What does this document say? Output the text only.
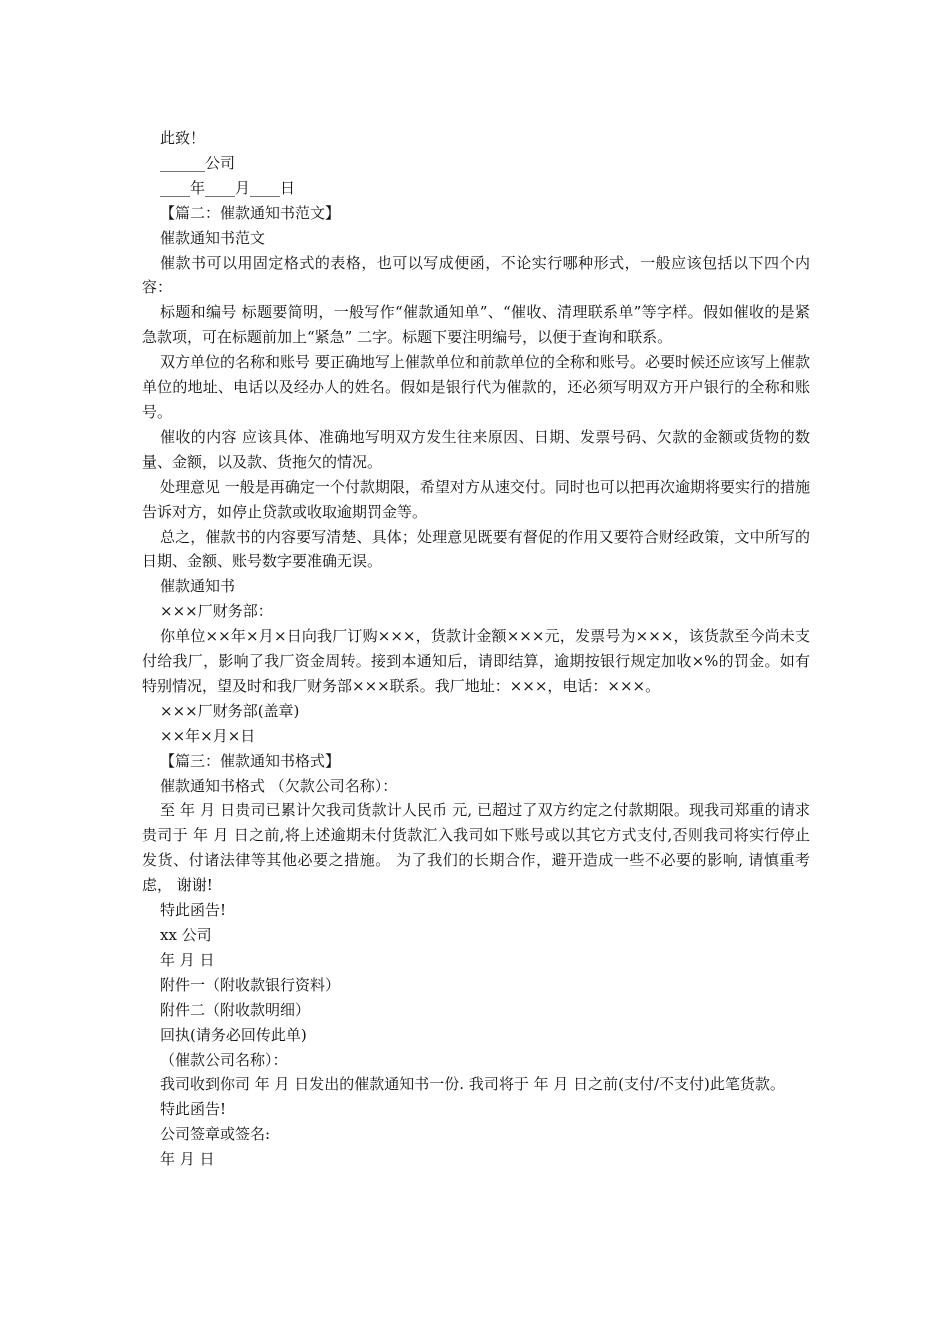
此致！

______公司

____年____月____日

【篇二：催款通知书范文】

催款通知书范文

催款书可以用固定格式的表格，也可以写成便函，不论实行哪种形式，一般应该包括以下四个内容：

标题和编号 标题要简明，一般写作“催款通知单”、“催收、清理联系单”等字样。假如催收的是紧急款项，可在标题前加上“紧急” 二字。标题下要注明编号，以便于查询和联系。

双方单位的名称和账号 要正确地写上催款单位和前款单位的全称和账号。必要时候还应该写上催款单位的地址、电话以及经办人的姓名。假如是银行代为催款的，还必须写明双方开户银行的全称和账号。

催收的内容 应该具体、准确地写明双方发生往来原因、日期、发票号码、欠款的金额或货物的数量、金额，以及款、货拖欠的情况。

处理意见 一般是再确定一个付款期限，希望对方从速交付。同时也可以把再次逾期将要实行的措施告诉对方，如停止贷款或收取逾期罚金等。

总之，催款书的内容要写清楚、具体；处理意见既要有督促的作用又要符合财经政策，文中所写的日期、金额、账号数字要准确无误。

催款通知书

×××厂财务部：

你单位××年×月×日向我厂订购×××，货款计金额×××元，发票号为×××，该货款至今尚未支付给我厂，影响了我厂资金周转。接到本通知后，请即结算，逾期按银行规定加收×%的罚金。如有特别情况，望及时和我厂财务部×××联系。我厂地址：×××，电话：×××。

×××厂财务部(盖章)

××年×月×日

【篇三：催款通知书格式】

催款通知书格式 （欠款公司名称）：

至 年 月 日贵司已累计欠我司货款计人民币 元, 已超过了双方约定之付款期限。现我司郑重的请求贵司于 年 月 日之前,将上述逾期未付货款汇入我司如下账号或以其它方式支付,否则我司将实行停止发货、付诸法律等其他必要之措施。 为了我们的长期合作，避开造成一些不必要的影响, 请慎重考虑， 谢谢!

特此函告!

xx 公司

年 月 日

附件一（附收款银行资料）

附件二（附收款明细）

回执(请务必回传此单)

（催款公司名称）：

我司收到你司 年 月 日发出的催款通知书一份. 我司将于 年 月 日之前(支付/不支付)此笔货款。

特此函告!

公司签章或签名:

年 月 日
